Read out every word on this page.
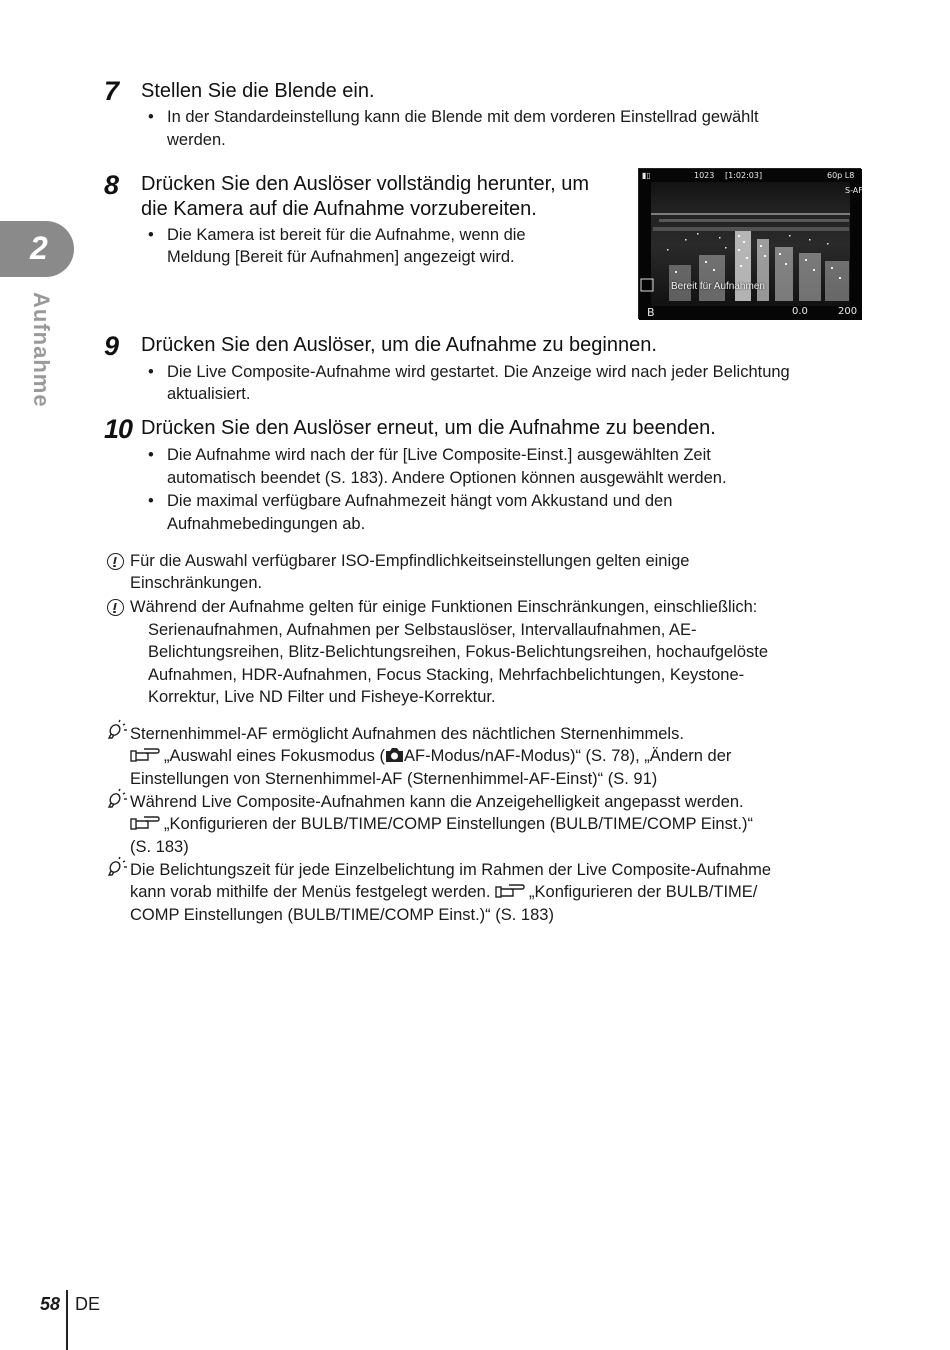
2
Aufnahme
7 Stellen Sie die Blende ein.
• In der Standardeinstellung kann die Blende mit dem vorderen Einstellrad gewählt
werden.
8 Drücken Sie den Auslöser vollständig herunter, um
die Kamera auf die Aufnahme vorzubereiten.
• Die Kamera ist bereit für die Aufnahme, wenn die
Meldung [Bereit für Aufnahmen] angezeigt wird.
▮▯	1023 [1:02:03]	60p L8
S-AF
Bereit für Aufnahmen
B	0.0	200
9 Drücken Sie den Auslöser, um die Aufnahme zu beginnen.
• Die Live Composite-Aufnahme wird gestartet. Die Anzeige wird nach jeder Belichtung
aktualisiert.
10 Drücken Sie den Auslöser erneut, um die Aufnahme zu beenden.
• Die Aufnahme wird nach der für [Live Composite-Einst.] ausgewählten Zeit
automatisch beendet (S. 183). Andere Optionen können ausgewählt werden.
• Die maximal verfügbare Aufnahmezeit hängt vom Akkustand und den
Aufnahmebedingungen ab.
Für die Auswahl verfügbarer ISO-Empfindlichkeitseinstellungen gelten einige
Einschränkungen.
Während der Aufnahme gelten für einige Funktionen Einschränkungen, einschließlich:
Serienaufnahmen, Aufnahmen per Selbstauslöser, Intervallaufnahmen, AE-
Belichtungsreihen, Blitz-Belichtungsreihen, Fokus-Belichtungsreihen, hochaufgelöste
Aufnahmen, HDR-Aufnahmen, Focus Stacking, Mehrfachbelichtungen, Keystone-
Korrektur, Live ND Filter und Fisheye-Korrektur.
Sternenhimmel-AF ermöglicht Aufnahmen des nächtlichen Sternenhimmels.
„Auswahl eines Fokusmodus ( AF-Modus/nAF-Modus)“ (S. 78), „Ändern der
Einstellungen von Sternenhimmel-AF (Sternenhimmel-AF-Einst)“ (S. 91)
Während Live Composite-Aufnahmen kann die Anzeigehelligkeit angepasst werden.
„Konfigurieren der BULB/TIME/COMP Einstellungen (BULB/TIME/COMP Einst.)“
(S. 183)
Die Belichtungszeit für jede Einzelbelichtung im Rahmen der Live Composite-Aufnahme
kann vorab mithilfe der Menüs festgelegt werden. „Konfigurieren der BULB/TIME/
COMP Einstellungen (BULB/TIME/COMP Einst.)“ (S. 183)
58 DE
